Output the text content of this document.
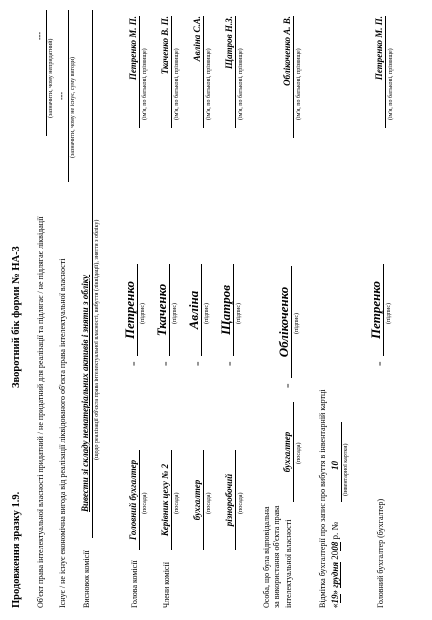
Продовження зразку 1.9.
Зворотний бік форми № НА-3 Об'єкт права інтелектуальної власності придатний / не придатний для реалізації та підлягає / не підлягає ліквідації
---
(зазначити, чому непридатний)
Існує / не існує економічна вигода від реалізації ліквідованого об'єкта права інтелектуальної власності
--- (зазначити, чому не існує, суму вигоди)
Висновок комісії
Вивести зі складу нематеріальних активів і зняти з обліку (щодо реалізації об'єкта права інтелектуальної власності, вибуття (ліквідації), зняття з обліку)
Голова комісії
Головний бухгалтер (посада)
=
Петренко (підпис)
Петренко М. П.
(ім'я, по батькові, прізвище)
Члени комісії
Керівник цеху № 2 (посада)
=
Ткаченко (підпис)
Ткаченко В. П.
(ім'я, по батькові, прізвище)
бухгалтер (посада)
=
Авліна (підпис)
Авліна С.А.
(ім'я, по батькові, прізвище)
різноробочий (посада)
=
Щатров (підпис)
Щатров Н.З.
(ім'я, по батькові, прізвище)
Особа, що була відповідальна за використання об'єкта права інтелектуальної власності
бухгалтер (посада)
=
Облікоченко (підпис)
Облікоченко А. В. (ім'я, по батькові, прізвище)
Відмітка бухгалтерії про запис про вибуття в інвентарній картці «19» грудня 2008 р. №
10 (інвентарної картки)
Головний бухгалтер (бухгалтер)
=
Петренко (підпис)
Петренко М. П.
(ім'я, по батькові, прізвище)
